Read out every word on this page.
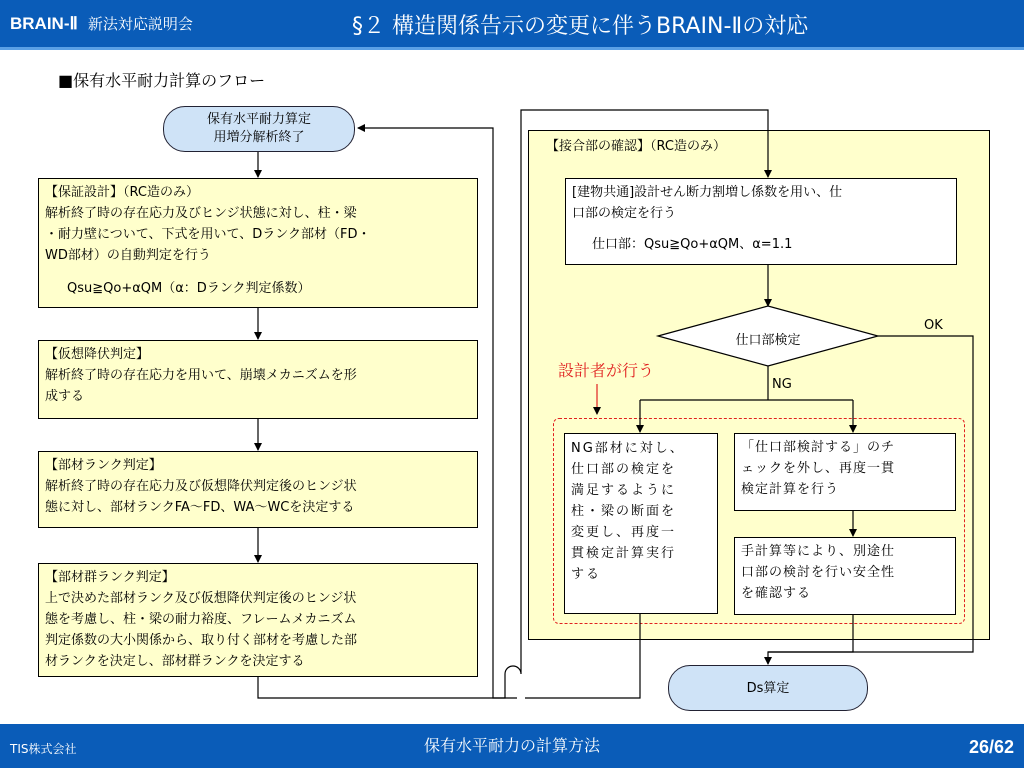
BRAIN-Ⅱ 新法対応説明会	§２ 構造関係告示の変更に伴うBRAIN-Ⅱの対応
■保有水平耐力計算のフロー
【接合部の確認】（RC造のみ）
保有水平耐力算定
用増分解析終了
【保証設計】（RC造のみ）
解析終了時の存在応力及びヒンジ状態に対し、柱・梁
・耐力壁について、下式を用いて、Dランク部材（FD・
WD部材）の自動判定を行う
Qsu≧Qo+αQM（α：Dランク判定係数）
【仮想降伏判定】
解析終了時の存在応力を用いて、崩壊メカニズムを形
成する
【部材ランク判定】
解析終了時の存在応力及び仮想降伏判定後のヒンジ状
態に対し、部材ランクFA～FD、WA～WCを決定する
【部材群ランク判定】
上で決めた部材ランク及び仮想降伏判定後のヒンジ状
態を考慮し、柱・梁の耐力裕度、フレームメカニズム
判定係数の大小関係から、取り付く部材を考慮した部
材ランクを決定し、部材群ランクを決定する
[建物共通]設計せん断力割増し係数を用い、仕
口部の検定を行う
仕口部：Qsu≧Qo+αQM、α=1.1
仕口部検定
OK
NG
設計者が行う
NG部材に対し、
仕口部の検定を
満足するように
柱・梁の断面を
変更し、再度一
貫検定計算実行
する
「仕口部検討する」のチ
ェックを外し、再度一貫
検定計算を行う
手計算等により、別途仕
口部の検討を行い安全性
を確認する
Ds算定
TIS株式会社	保有水平耐力の計算方法	26/62
